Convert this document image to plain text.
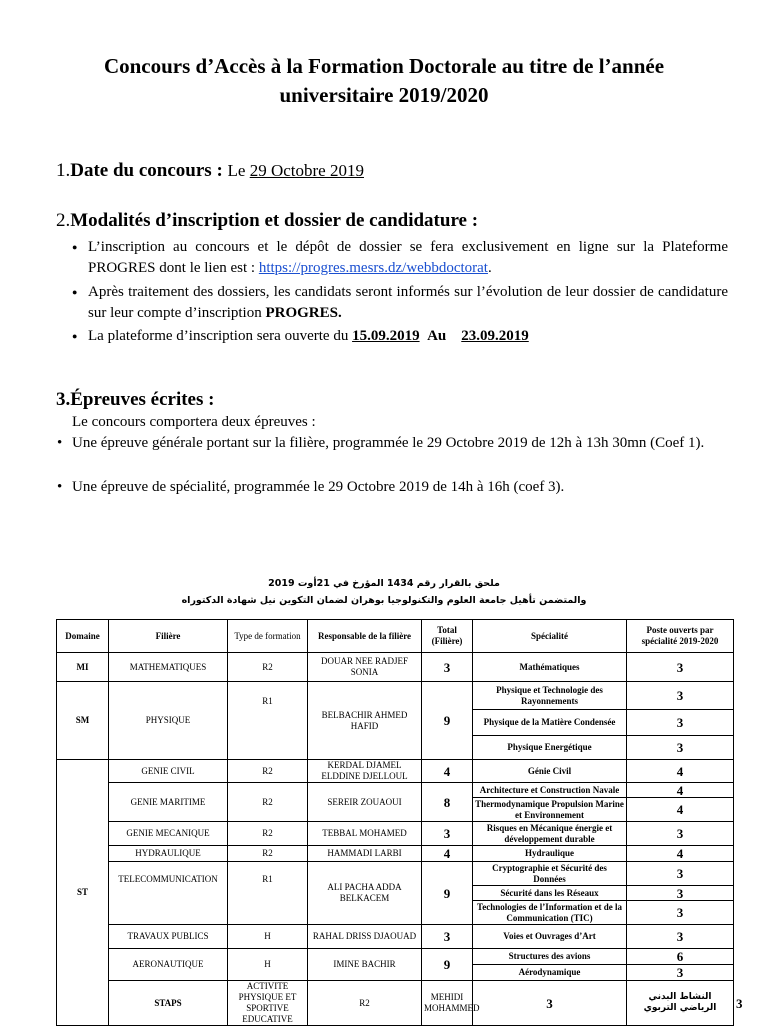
Concours d’Accès à la Formation Doctorale au titre de l’année
universitaire 2019/2020
1.Date du concours : Le 29 Octobre 2019
2.Modalités d’inscription et dossier de candidature :
● L’inscription au concours et le dépôt de dossier se fera exclusivement en ligne sur la Plateforme PROGRES dont le lien est : https://progres.mesrs.dz/webbdoctorat.
● Après traitement des dossiers, les candidats seront informés sur l’évolution de leur dossier de candidature sur leur compte d’inscription PROGRES.
● La plateforme d’inscription sera ouverte du 15.09.2019 Au 23.09.2019
3.Épreuves écrites :
Le concours comportera deux épreuves :
• Une épreuve générale portant sur la filière, programmée le 29 Octobre 2019 de 12h à 13h 30mn (Coef 1).
• Une épreuve de spécialité, programmée le 29 Octobre 2019 de 14h à 16h (coef 3).
ملحق بالقرار رقم 1434 المؤرخ في 21أوت 2019
والمتضمن تأهيل جامعة العلوم والتكنولوجيا بوهران لضمان التكوين نيل شهادة الدكتوراه
Domaine	Filière	Type de formation	Responsable de la filière	Total (Filière)	Spécialité	Poste ouverts par spécialité 2019-2020	
MI	MATHEMATIQUES	R2	DOUAR NEE RADJEF SONIA	3	Mathématiques	3	
SM	PHYSIQUE	R1	BELBACHIR AHMED HAFID	9	Physique et Technologie des Rayonnements	3	
					Physique de la Matière Condensée	3	
					Physique Energétique	3	
ST	GENIE CIVIL	R2	KERDAL DJAMEL ELDDINE DJELLOUL	4	Génie Civil	4	
	GENIE MARITIME	R2	SEREIR ZOUAOUI	8	Architecture et Construction Navale	4	
					Thermodynamique Propulsion Marine et Environnement	4	
	GENIE MECANIQUE	R2	TEBBAL MOHAMED	3	Risques en Mécanique énergie et développement durable	3	
	HYDRAULIQUE	R2	HAMMADI LARBI	4	Hydraulique	4	
	TELECOMMUNICATION	R1	ALI PACHA ADDA BELKACEM	9	Cryptographie et Sécurité des Données	3	
					Sécurité dans les Réseaux	3	
					Technologies de l’Information et de la Communication (TIC)	3	
	TRAVAUX PUBLICS	H	RAHAL DRISS DJAOUAD	3	Voies et Ouvrages d’Art	3	
	AERONAUTIQUE	H	IMINE BACHIR	9	Structures des avions	6	
					Aérodynamique	3	
	STAPS	ACTIVITE PHYSIQUE ET SPORTIVE EDUCATIVE	R2	MEHIDI MOHAMMED	3	النشاط البدني الرياضي التربوي	3
